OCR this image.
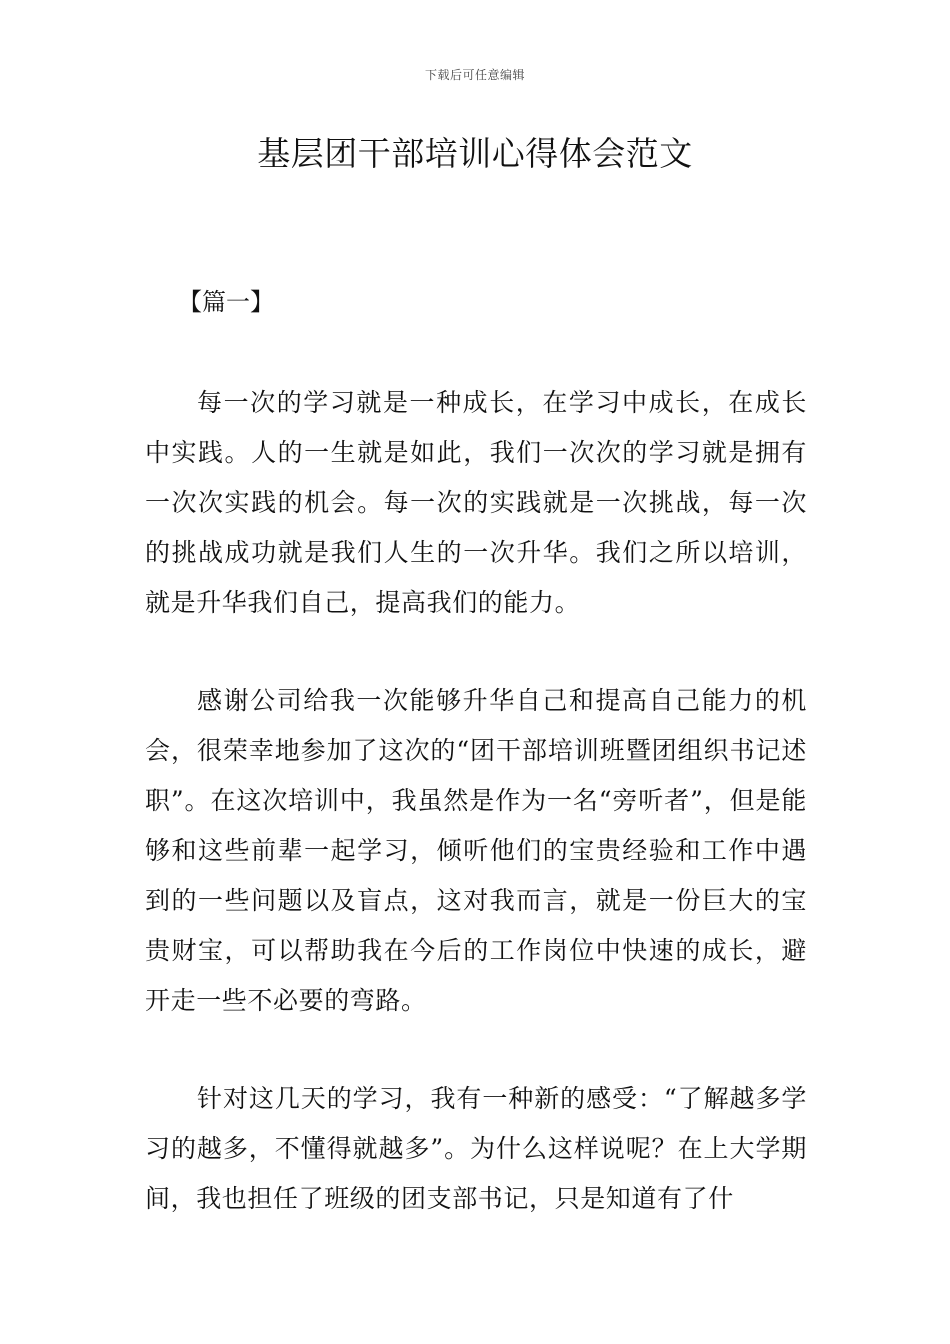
下载后可任意编辑
基层团干部培训心得体会范文
【篇一】

每一次的学习就是一种成长，在学习中成长，在成长中实践。人的一生就是如此，我们一次次的学习就是拥有一次次实践的机会。每一次的实践就是一次挑战，每一次的挑战成功就是我们人生的一次升华。我们之所以培训，就是升华我们自己，提高我们的能力。

感谢公司给我一次能够升华自己和提高自己能力的机会，很荣幸地参加了这次的“团干部培训班暨团组织书记述职”。在这次培训中，我虽然是作为一名“旁听者”，但是能够和这些前辈一起学习，倾听他们的宝贵经验和工作中遇到的一些问题以及盲点，这对我而言，就是一份巨大的宝贵财宝，可以帮助我在今后的工作岗位中快速的成长，避开走一些不必要的弯路。

针对这几天的学习，我有一种新的感受：“了解越多学习的越多，不懂得就越多”。为什么这样说呢？在上大学期间，我也担任了班级的团支部书记，只是知道有了什
